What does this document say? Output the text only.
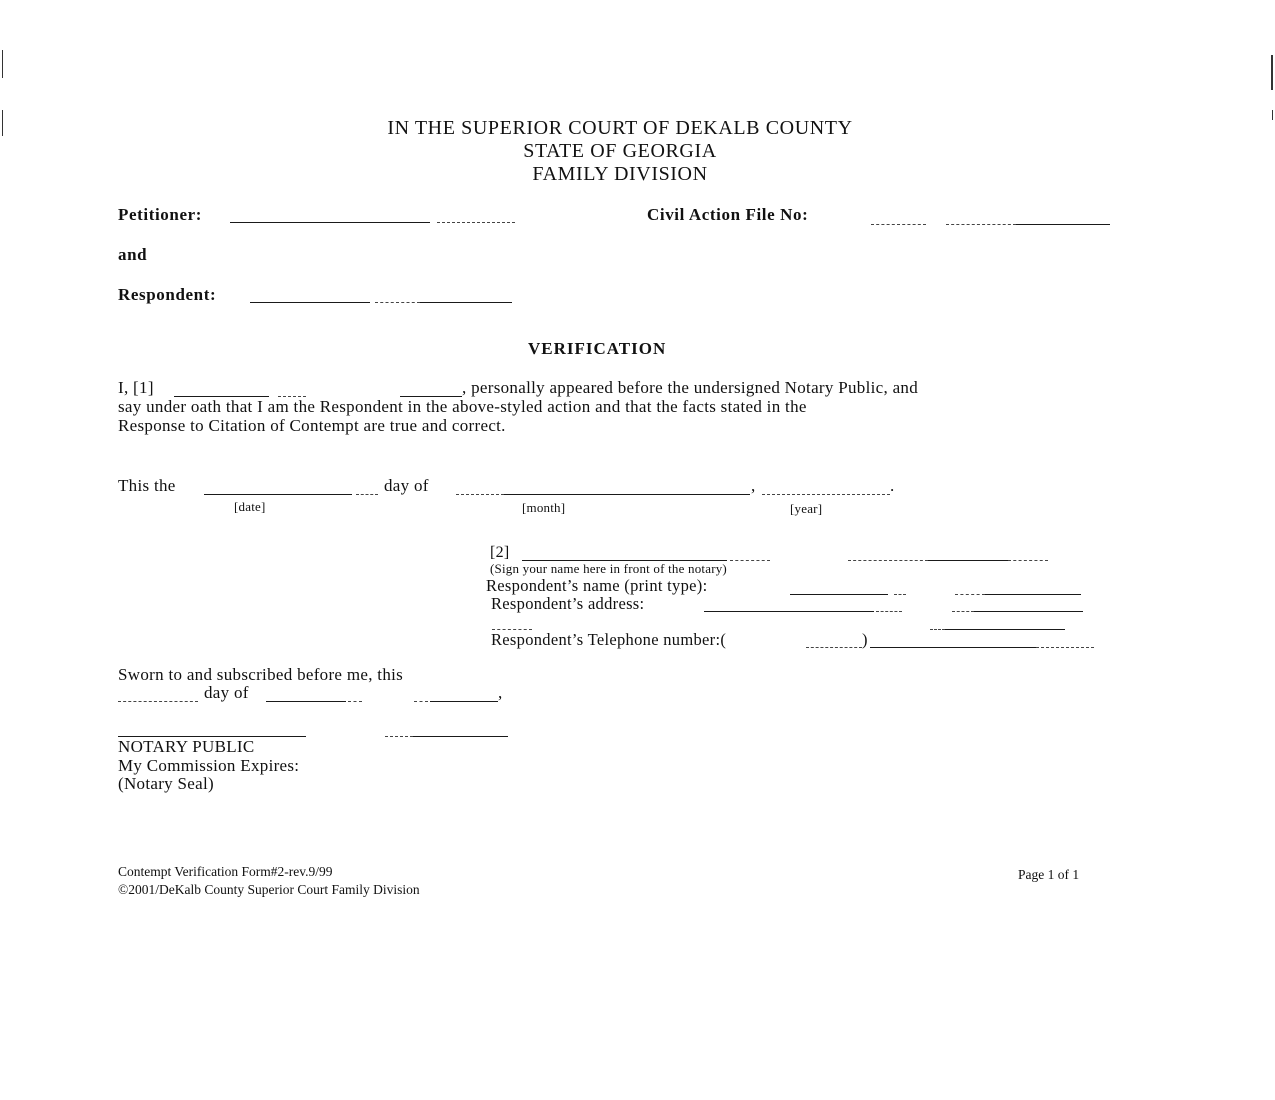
IN THE SUPERIOR COURT OF DEKALB COUNTY
STATE OF GEORGIA
FAMILY DIVISION
Petitioner:	Civil Action File No:
and
Respondent:
VERIFICATION
I, [1]	, personally appeared before the undersigned Notary Public, and
say under oath that I am the Respondent in the above-styled action and that the facts stated in the
Response to Citation of Contempt are true and correct.
This the	day of	,	.
[date]	[month]	[year]
[2]
(Sign your name here in front of the notary)
Respondent’s name (print type):
Respondent’s address:
Respondent’s Telephone number:(	)
Sworn to and subscribed before me, this
day of	,
NOTARY PUBLIC
My Commission Expires:
(Notary Seal)
Contempt Verification Form#2-rev.9/99
©2001/DeKalb County Superior Court Family Division
Page 1 of 1
